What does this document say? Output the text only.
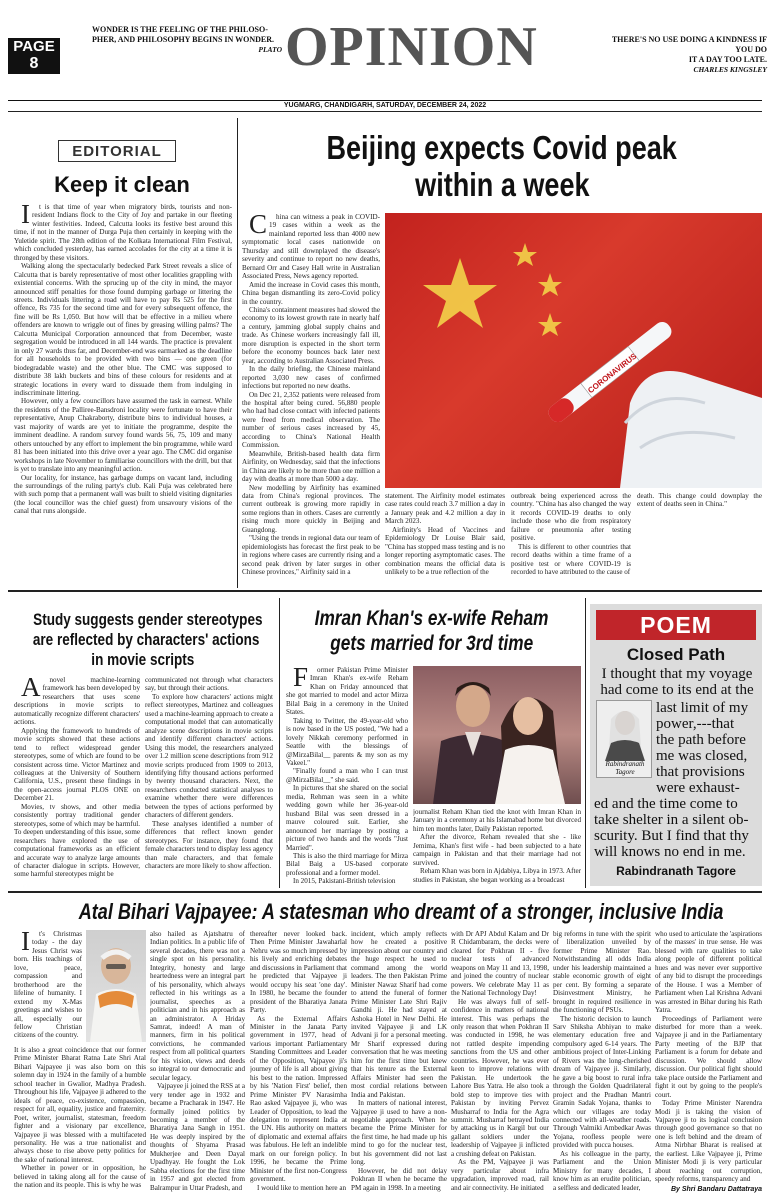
PAGE
8
WONDER IS THE FEELING OF THE PHILOSO-
PHER, AND PHILOSOPHY BEGINS IN WONDER.
PLATO OPINION	THERE'S NO USE DOING A KINDNESS IF YOU DO
IT A DAY TOO LATE.
CHARLES KINGSLEY
YUGMARG, CHANDIGARH, SATURDAY, DECEMBER 24, 2022
EDITORIAL
Keep it clean

It is that time of year when migratory birds, tourists and non-resident Indians flock to the City of Joy and partake in our fleeting winter festivities. Indeed, Calcutta looks its festive best around this time, if not in the manner of Durga Puja then certainly in keeping with the Yuletide spirit. The 28th edition of the Kolkata International Film Festival, which concluded yesterday, has earned accolades for the city at a time it is thronged by these visitors.

Walking along the spectacularly bedecked Park Street reveals a slice of Calcutta that is barely representative of most other localities grappling with existential concerns. With the sprucing up of the city in mind, the mayor announced stiff penalties for those found dumping garbage or littering the streets. Individuals littering a road will have to pay Rs 525 for the first offence, Rs 735 for the second time and for every subsequent offence, the fine will be Rs 1,050. But how will that be effective in a milieu where offenders are known to wriggle out of fines by greasing willing palms? The Calcutta Municipal Corporation announced that from December, waste segregation would be introduced in all 144 wards. The practice is prevalent in only 27 wards thus far, and December-end was earmarked as the deadline for all households to be provided with two bins — one green (for biodegradable waste) and the other blue. The CMC was supposed to distribute 38 lakh buckets and bins of these colours for residents and at strategic locations in every ward to dissuade them from indulging in indiscriminate littering.

However, only a few councillors have assumed the task in earnest. While the residents of the Palliree-Bansdroni locality were fortunate to have their representative, Anup Chakraborty, distribute bins to individual houses, a vast majority of wards are yet to initiate the programme, despite the imminent deadline. A random survey found wards 56, 75, 109 and many others untouched by any effort to implement the bin programme, while ward 81 has been initiated into this drive over a year ago. The CMC did organise workshops in late November to familiarise councillors with the drill, but that is yet to translate into any meaningful action.

Our locality, for instance, has garbage dumps on vacant land, including the surroundings of the ruling party's club. Kali Puja was celebrated here with such pomp that a permanent wall was built to shield visiting dignitaries (the local councillor was the chief guest) from unsavoury visions of the canal that runs alongside.

Beijing expects Covid peak
within a week

China can witness a peak in COVID-19 cases within a week as the mainland reported less than 4000 new symptomatic local cases nationwide on Thursday and still downplayed the disease's severity and continue to report no new deaths, Bernard Orr and Casey Hall write in Australian Associated Press, News agency reported.

Amid the increase in Covid cases this month, China began dismantling its zero-Covid policy in the country.

China's containment measures had slowed the economy to its lowest growth rate in nearly half a century, jamming global supply chains and trade. As Chinese workers increasingly fall ill, more disruption is expected in the short term before the economy bounces back later next year, according to Australian Associated Press.

In the daily briefing, the Chinese mainland reported 3,030 new cases of confirmed infections but reported no new deaths.

On Dec 21, 2,352 patients were released from the hospital after being cured. 56,880 people who had had close contact with infected patients were freed from medical observation. The number of serious cases increased by 45, according to China's National Health Commission.

Meanwhile, British-based health data firm Airfinity, on Wednesday, said that the infections in China are likely to be more than one million a day with deaths at more than 5000 a day.

New modelling by Airfinity has examined data from China's regional provinces. The current outbreak is growing more rapidly in some regions than in others. Cases are currently rising much more quickly in Beijing and Guangdong.

"Using the trends in regional data our team of epidemiologists has forecast the first peak to be in regions where cases are currently rising and a second peak driven by later surges in other Chinese provinces," Airfinity said in a

CORONAVIRUS

statement. The Airfinity model estimates case rates could reach 3.7 million a day in a January peak and 4.2 million a day in March 2023.

Airfinity's Head of Vaccines and Epidemiology Dr Louise Blair said, "China has stopped mass testing and is no longer reporting asymptomatic cases. The combination means the official data is unlikely to be a true reflection of the

outbreak being experienced across the country. "China has also changed the way it records COVID-19 deaths to only include those who die from respiratory failure or pneumonia after testing positive.

This is different to other countries that record deaths within a time frame of a positive test or where COVID-19 is recorded to have attributed to the cause of

death. This change could downplay the extent of deaths seen in China."

Study suggests gender stereotypes
are reflected by characters' actions
in movie scripts

Anovel machine-learning framework has been developed by researchers that uses scene descriptions in movie scripts to automatically recognize different characters' actions.

Applying the framework to hundreds of movie scripts showed that these actions tend to reflect widespread gender stereotypes, some of which are found to be consistent across time. Victor Martinez and colleagues at the University of Southern California, U.S., present these findings in the open-access journal PLOS ONE on December 21.

Movies, tv shows, and other media consistently portray traditional gender stereotypes, some of which may be harmful. To deepen understanding of this issue, some researchers have explored the use of computational frameworks as an efficient and accurate way to analyze large amounts of character dialogue in scripts. However, some harmful stereotypes might be

communicated not through what characters say, but through their actions.

To explore how characters' actions might reflect stereotypes, Martinez and colleagues used a machine-learning approach to create a computational model that can automatically analyze scene descriptions in movie scripts and identify different characters' actions. Using this model, the researchers analyzed over 1.2 million scene descriptions from 912 movie scripts produced from 1909 to 2013, identifying fifty thousand actions performed by twenty thousand characters. Next, the researchers conducted statistical analyses to examine whether there were differences between the types of actions performed by characters of different genders.

These analyses identified a number of differences that reflect known gender stereotypes. For instance, they found that female characters tend to display less agency than male characters, and that female characters are more likely to show affection.

Imran Khan's ex-wife Reham
gets married for 3rd time

Former Pakistan Prime Minister Imran Khan's ex-wife Reham Khan on Friday announced that she got married to model and actor Mirza Bilal Baig in a ceremony in the United States.

Taking to Twitter, the 49-year-old who is now based in the US posted, "We had a lovely Nikkah ceremony performed in Seattle with the blessings of @MirzaBilal__ parents & my son as my Vakeel."

"Finally found a man who I can trust @MirzaBilal__" she said.

In pictures that she shared on the social media, Rehman was seen in a white wedding gown while her 36-year-old husband Bilal was seen dressed in a mauve coloured suit. Earlier, she announced her marriage by posting a picture of two hands and the words "Just Married".

This is also the third marriage for Mirza Bilal Baig a US-based corporate professional and a former model.

In 2015, Pakistani-British television

journalist Reham Khan tied the knot with Imran Khan in January in a ceremony at his Islamabad home but divorced him ten months later, Daily Pakistan reported.

After the divorce, Reham revealed that she - like Jemima, Khan's first wife - had been subjected to a hate campaign in Pakistan and that their marriage had not survived.

Reham Khan was born in Ajdabiya, Libya in 1973. After studies in Pakistan, she began working as a broadcast

POEM
Closed Path
I thought that my voyage
had come to its end at the
Rabindranath
Tagore
last limit of my
power,---that
the path before
me was closed,
that provisions
were exhaust-
ed and the time come to
take shelter in a silent ob-
scurity. But I find that thy
will knows no end in me.
Rabindranath Tagore
Atal Bihari Vajpayee: A statesman who dreamt of a stronger, inclusive India

It's Christmas today - the day Jesus Christ was born. His teachings of love, peace, compassion and brotherhood are the lifeline of humanity. I extend my X-Mas greetings and wishes to all, especially our fellow Christian citizens of the country.

It is also a great coincidence that our former Prime Minister Bharat Ratna Late Shri Atal Bihari Vajpayee ji was also born on this solemn day in 1924 in the family of a humble school teacher in Gwalior, Madhya Pradesh. Throughout his life, Vajpayee ji adhered to the ideals of peace, co-existence, compassion, respect for all, equality, justice and fraternity. Poet, writer, journalist, statesman, freedom fighter and a visionary par excellence, Vajpayee ji was blessed with a multifaceted personality. He was a true nationalist and always chose to rise above petty politics for the sake of national interest.

Whether in power or in opposition, he believed in taking along all for the cause of the nation and its people. This is why he was

also hailed as Ajatshatru of Indian politics. In a public life of several decades, there was not a single spot on his personality. Integrity, honesty and large heartedness were an integral part of his personality, which always reflected in his writings as a journalist, speeches as a politician and in his approach as an administrator. A Hriday Samrat, indeed! A man of manners, firm in his political convictions, he commanded respect from all political quarters for his vision, views and deeds so integral to our democratic and secular legacy.

Vajpayee ji joined the RSS at a very tender age in 1932 and became a Pracharak in 1947. He formally joined politics by becoming a member of the Bharatiya Jana Sangh in 1951. He was deeply inspired by the thoughts of Shyama Prasad Mukherjee and Deen Dayal Upadhyay. He fought the Lok Sabha elections for the first time in 1957 and got elected from Balrampur in Uttar Pradesh, and

thereafter never looked back. Then Prime Minister Jawaharlal Nehru was so much impressed by his lively and enriching debates and discussions in Parliament that he predicted that Vajpayee ji would occupy his seat 'one day'. In 1980, he became the founder president of the Bharatiya Janata Party.

As the External Affairs Minister in the Janata Party government in 1977, head of various important Parliamentary Standing Committees and Leader of the Opposition, Vajpayee ji's journey of life is all about giving his best to the nation. Impressed by his 'Nation First' belief, then Prime Minister PV Narasimha Rao asked Vajpayee ji, who was Leader of Opposition, to lead the delegation to represent India at the UN. His authority on matters of diplomatic and external affairs was fabulous. He left an indelible mark on our foreign policy. In 1996, he became the Prime Minister of the first non-Congress government.

I would like to mention here an

incident, which amply reflects how he created a positive impression about our country and the huge respect he used to command among the world leaders. The then Pakistan Prime Minister Nawaz Sharif had come to attend the funeral of former Prime Minister Late Shri Rajiv Gandhi ji. He had stayed at Ashoka Hotel in New Delhi. He invited Vajpayee ji and LK Advani ji for a personal meeting. Mr Sharif expressed during conversation that he was meeting him for the first time but knew that his tenure as the External Affairs Minister had seen the most cordial relations between India and Pakistan.

In matters of national interest, Vajpayee ji used to have a non-negotiable approach. When he became the Prime Minister for the first time, he had made up his mind to go for the nuclear test, but his government did not last long.

However, he did not delay Pokhran II when he became the PM again in 1998. In a meeting

with Dr APJ Abdul Kalam and Dr R Chidambaram, the decks were cleared for Pokhran II - five nuclear tests of advanced weapons on May 11 and 13, 1998, and joined the country of nuclear powers. We celebrate May 11 as the National Technology Day!

He was always full of self-confidence in matters of national interest. This was perhaps the only reason that when Pokhran II was conducted in 1998, he was not rattled despite impending sanctions from the US and other countries. However, he was ever keen to improve relations with Pakistan. He undertook the Lahore Bus Yatra. He also took a bold step to improve ties with Pakistan by inviting Pervez Musharraf to India for the Agra summit. Musharraf betrayed India by attacking us in Kargil but our gallant soldiers under the leadership of Vajpayee ji inflicted a crushing defeat on Pakistan.

As the PM, Vajpayee ji was very particular about infra upgradation, improved road, rail and air connectivity. He initiated

big reforms in tune with the spirit of liberalization unveiled by former Prime Minister Rao. Notwithstanding all odds India under his leadership maintained a stable economic growth of eight per cent. By forming a separate Disinvestment Ministry, he brought in required resilience in the functioning of PSUs.

The historic decision to launch Sarv Shiksha Abhiyan to make elementary education free and compulsory aged 6-14 years. The ambitious project of Inter-Linking of Rivers was the long-cherished dream of Vajpayee ji. Similarly, he gave a big boost to rural infra through the Golden Quadrilateral project and the Pradhan Mantri Gramin Sadak Yojana, thanks to which our villages are today connected with all-weather roads. Through Valmiki Ambedkar Awas Yojana, roofless people were provided with pucca houses.

As his colleague in the party, Parliament and the Union Ministry for many decades, I know him as an erudite politician, a selfless and dedicated leader,

who used to articulate the 'aspirations of the masses' in true sense. He was blessed with rare qualities to take along people of different political hues and was never ever supportive of any bid to disrupt the proceedings of the House. I was a Member of Parliament when Lal Krishna Advani was arrested in Bihar during his Rath Yatra.

Proceedings of Parliament were disturbed for more than a week. Vajpayee ji and in the Parliamentary Party meeting of the BJP that Parliament is a forum for debate and discussion. We should allow discussion. Our political fight should take place outside the Parliament and fight it out by going to the people's court.

Today Prime Minister Narendra Modi ji is taking the vision of Vajpayee ji to its logical conclusion through good governance so that no one is left behind and the dream of Atma Nirbhar Bharat is realised at the earliest. Like Vajpayee ji, Prime Minister Modi ji is very particular about reaching out corruption, speedy reforms, transparency and

By Shri Bandaru Dattatraya
